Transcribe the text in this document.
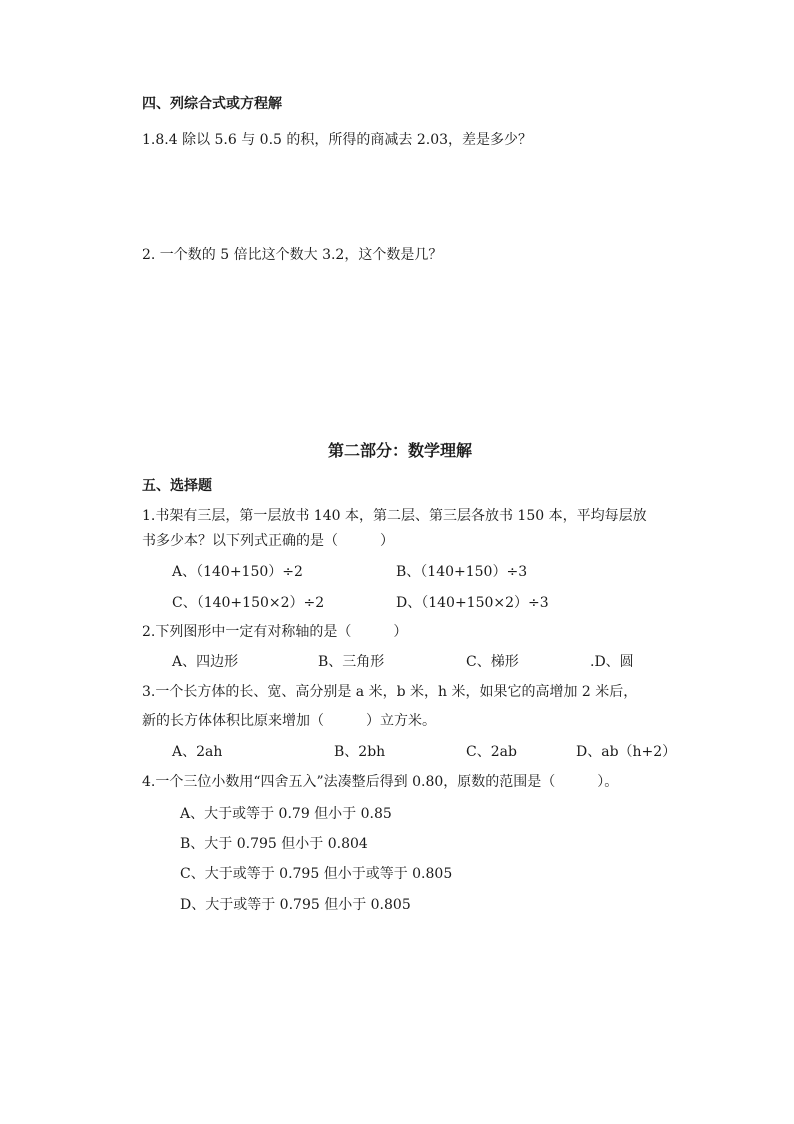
四、列综合式或方程解
1.8.4 除以 5.6 与 0.5 的积，所得的商减去 2.03，差是多少？
2. 一个数的 5 倍比这个数大 3.2，这个数是几？
第二部分：数学理解
五、选择题
1.书架有三层，第一层放书 140 本，第二层、第三层各放书 150 本，平均每层放
书多少本？以下列式正确的是（　　　）
A、（140+150）÷2	B、（140+150）÷3
C、（140+150×2）÷2	D、（140+150×2）÷3
2.下列图形中一定有对称轴的是（　　　）
A、四边形	B、三角形	C、梯形	.D、圆
3.一个长方体的长、宽、高分别是 a 米，b 米，h 米，如果它的高增加 2 米后，
新的长方体体积比原来增加（　　　）立方米。
A、2ah	B、2bh	C、2ab	D、ab（h+2）
4.一个三位小数用“四舍五入”法凑整后得到 0.80，原数的范围是（　　　）。
A、大于或等于 0.79 但小于 0.85
B、大于 0.795 但小于 0.804
C、大于或等于 0.795 但小于或等于 0.805
D、大于或等于 0.795 但小于 0.805
